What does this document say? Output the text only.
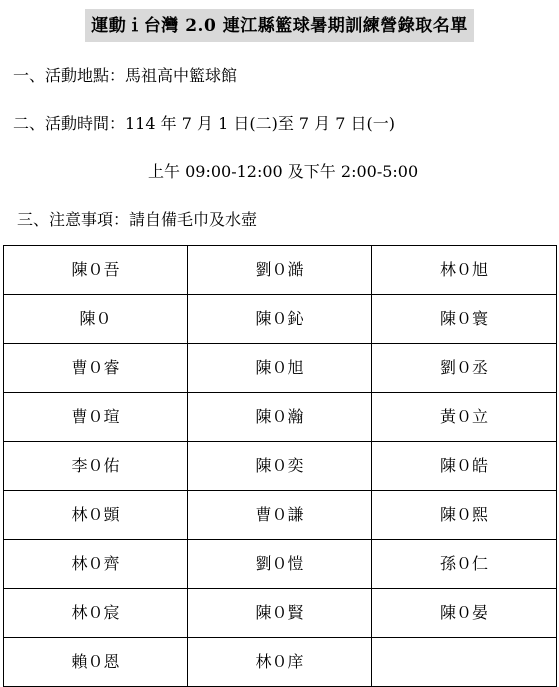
運動ｉ台灣 2.0 連江縣籃球暑期訓練營錄取名單
一、活動地點：馬祖高中籃球館
二、活動時間：114 年 7 月 1 日(二)至 7 月 7 日(一)
上午 09:00-12:00 及下午 2:00-5:00
三、注意事項：請自備毛巾及水壺
陳０吾	劉０澔	林０旭
陳０	陳０鈊	陳０寰
曹０睿	陳０旭	劉０丞
曹０瑄	陳０瀚	黃０立
李０佑	陳０奕	陳０皓
林０顗	曹０謙	陳０熙
林０齊	劉０愷	孫０仁
林０宸	陳０賢	陳０晏
賴０恩	林０庠	
